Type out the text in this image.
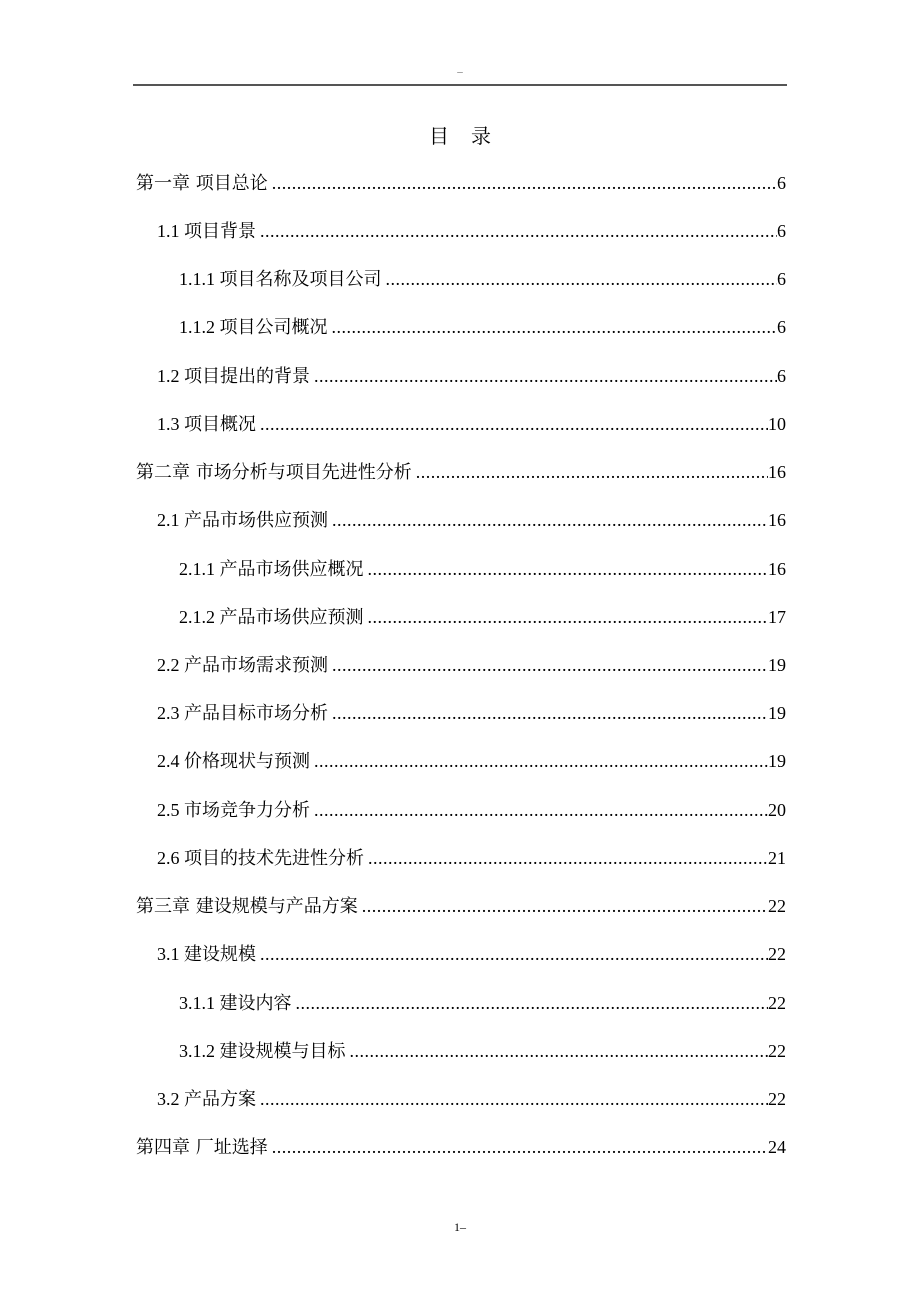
–
目 录
第一章 项目总论 .....	6
1.1 项目背景 .....	6
1.1.1 项目名称及项目公司 .....	6
1.1.2 项目公司概况 .....	6
1.2 项目提出的背景 .....	6
1.3 项目概况 .....	10
第二章 市场分析与项目先进性分析 .....	16
2.1 产品市场供应预测 .....	16
2.1.1 产品市场供应概况 .....	16
2.1.2 产品市场供应预测 .....	17
2.2 产品市场需求预测 .....	19
2.3 产品目标市场分析 .....	19
2.4 价格现状与预测 .....	19
2.5 市场竞争力分析 .....	20
2.6 项目的技术先进性分析 .....	21
第三章 建设规模与产品方案 .....	22
3.1 建设规模 .....	22
3.1.1 建设内容 .....	22
3.1.2 建设规模与目标 .....	22
3.2 产品方案 .....	22
第四章 厂址选择 .....	24
1–
